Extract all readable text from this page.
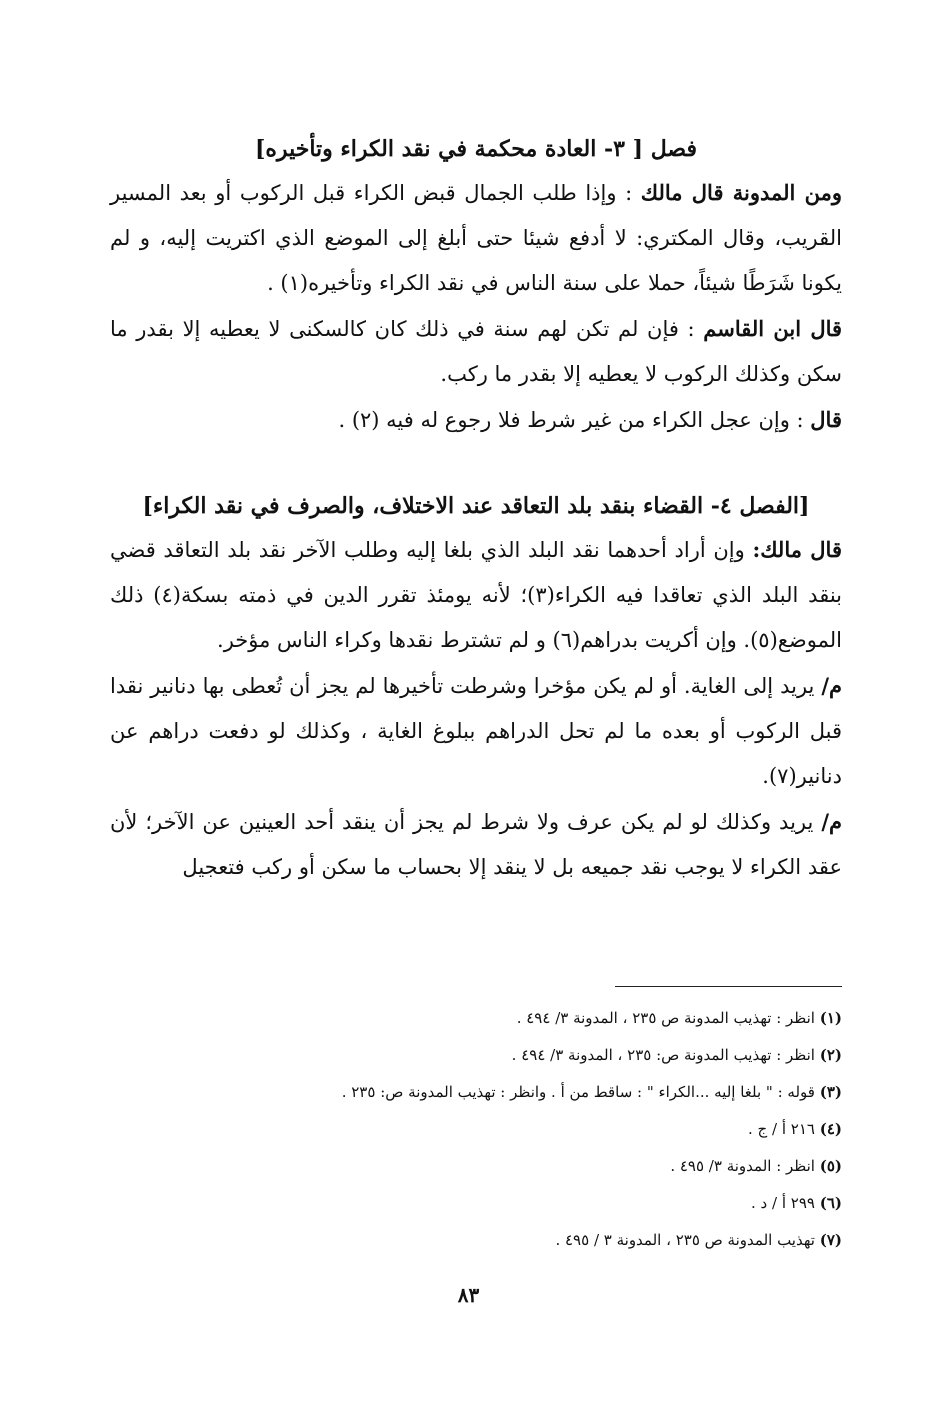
فصل [ ٣- العادة محكمة في نقد الكراء وتأخيره]

ومن المدونة قال مالك : وإذا طلب الجمال قبض الكراء قبل الركوب أو بعد المسير القريب، وقال المكتري: لا أدفع شيئا حتى أبلغ إلى الموضع الذي اكتريت إليه، و لم يكونا شَرَطًا شيئاً، حملا على سنة الناس في نقد الكراء وتأخيره(١) .

قال ابن القاسم : فإن لم تكن لهم سنة في ذلك كان كالسكنى لا يعطيه إلا بقدر ما سكن وكذلك الركوب لا يعطيه إلا بقدر ما ركب.

قال : وإن عجل الكراء من غير شرط فلا رجوع له فيه (٢) .

[الفصل ٤- القضاء بنقد بلد التعاقد عند الاختلاف، والصرف في نقد الكراء]

قال مالك: وإن أراد أحدهما نقد البلد الذي بلغا إليه وطلب الآخر نقد بلد التعاقد قضي بنقد البلد الذي تعاقدا فيه الكراء(٣)؛ لأنه يومئذ تقرر الدين في ذمته بسكة(٤) ذلك الموضع(٥). وإن أكريت بدراهم(٦) و لم تشترط نقدها وكراء الناس مؤخر.

م/ يريد إلى الغاية. أو لم يكن مؤخرا وشرطت تأخيرها لم يجز أن تُعطى بها دنانير نقدا قبل الركوب أو بعده ما لم تحل الدراهم ببلوغ الغاية ، وكذلك لو دفعت دراهم عن دنانير(٧).

م/ يريد وكذلك لو لم يكن عرف ولا شرط لم يجز أن ينقد أحد العينين عن الآخر؛ لأن عقد الكراء لا يوجب نقد جميعه بل لا ينقد إلا بحساب ما سكن أو ركب فتعجيل

(١) انظر : تهذيب المدونة ص ٢٣٥ ، المدونة ٣/ ٤٩٤ .
(٢) انظر : تهذيب المدونة ص: ٢٣٥ ، المدونة ٣/ ٤٩٤ .
(٣) قوله : " بلغا إليه ...الكراء " : ساقط من أ . وانظر : تهذيب المدونة ص: ٢٣٥ .
(٤) ٢١٦ أ / ج .
(٥) انظر : المدونة ٣/ ٤٩٥ .
(٦) ٢٩٩ أ / د .
(٧) تهذيب المدونة ص ٢٣٥ ، المدونة ٣ / ٤٩٥ .
٨٣
